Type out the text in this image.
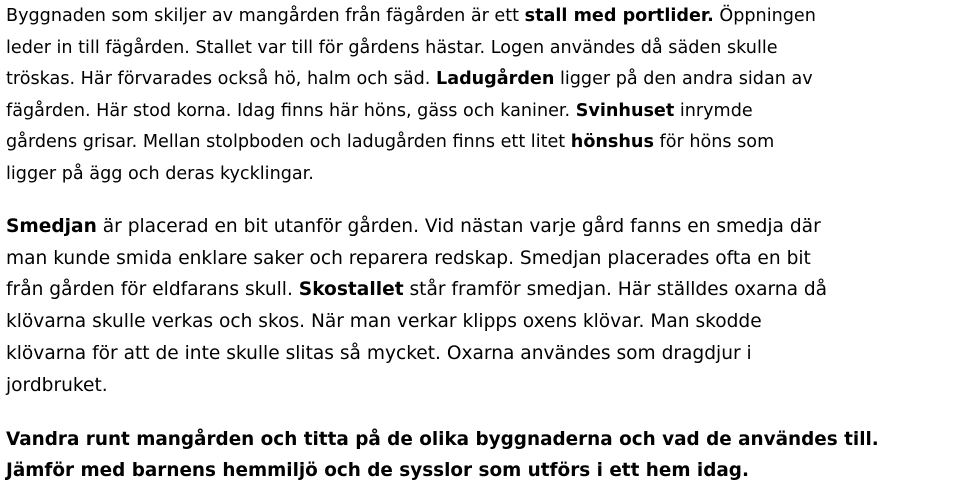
Byggnaden som skiljer av mangården från fägården är ett stall med portlider. Öppningen
leder in till fägården. Stallet var till för gårdens hästar. Logen användes då säden skulle
tröskas. Här förvarades också hö, halm och säd. Ladugården ligger på den andra sidan av
fägården. Här stod korna. Idag finns här höns, gäss och kaniner. Svinhuset inrymde
gårdens grisar. Mellan stolpboden och ladugården finns ett litet hönshus för höns som
ligger på ägg och deras kycklingar.

Smedjan är placerad en bit utanför gården. Vid nästan varje gård fanns en smedja där
man kunde smida enklare saker och reparera redskap. Smedjan placerades ofta en bit
från gården för eldfarans skull. Skostallet står framför smedjan. Här ställdes oxarna då
klövarna skulle verkas och skos. När man verkar klipps oxens klövar. Man skodde
klövarna för att de inte skulle slitas så mycket. Oxarna användes som dragdjur i
jordbruket.

Vandra runt mangården och titta på de olika byggnaderna och vad de användes till.
Jämför med barnens hemmiljö och de sysslor som utförs i ett hem idag.
